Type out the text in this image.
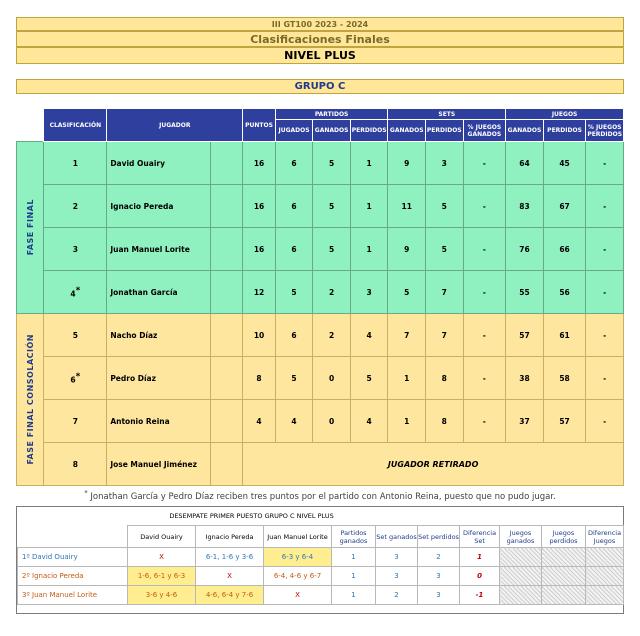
III GT100 2023 - 2024
Clasificaciones Finales
NIVEL PLUS
GRUPO C
	CLASIFICACIÓN	JUGADOR		PUNTOS	PARTIDOS			SETS			JUEGOS		
					JUGADOS	GANADOS	PERDIDOS	GANADOS	PERDIDOS	% JUEGOS GANADOS	GANADOS	PERDIDOS	% JUEGOS PERDIDOS

FASE FINAL	1	David Ouairy		16	6	5	1	9	3	-	64	45	-
	2	Ignacio Pereda		16	6	5	1	11	5	-	83	67	-
	3	Juan Manuel Lorite		16	6	5	1	9	5	-	76	66	-
	4*	Jonathan García		12	5	2	3	5	7	-	55	56	-

FASE FINAL CONSOLACIÓN	5	Nacho Díaz		10	6	2	4	7	7	-	57	61	-
	6*	Pedro Díaz		8	5	0	5	1	8	-	38	58	-
	7	Antonio Reina		4	4	0	4	1	8	-	37	57	-
	8	Jose Manuel Jiménez		JUGADOR RETIRADO									
* Jonathan García y Pedro Díaz reciben tres puntos por el partido con Antonio Reina, puesto que no pudo jugar.
	DESEMPATE PRIMER PUESTO GRUPO C NIVEL PLUS									
	David Ouairy	Ignacio Pereda	Juan Manuel Lorite	Partidos ganados	Set ganados	Set perdidos	Diferencia Set	Juegos ganados	Juegos perdidos	Diferencia Juegos
1º David Ouairy	X	6-1, 1-6 y 3-6	6-3 y 6-4	1	3	2	1			
2º Ignacio Pereda	1-6, 6-1 y 6-3	X	6-4, 4-6 y 6-7	1	3	3	0			
3º Juan Manuel Lorite	3-6 y 4-6	4-6, 6-4 y 7-6	X	1	2	3	-1			
